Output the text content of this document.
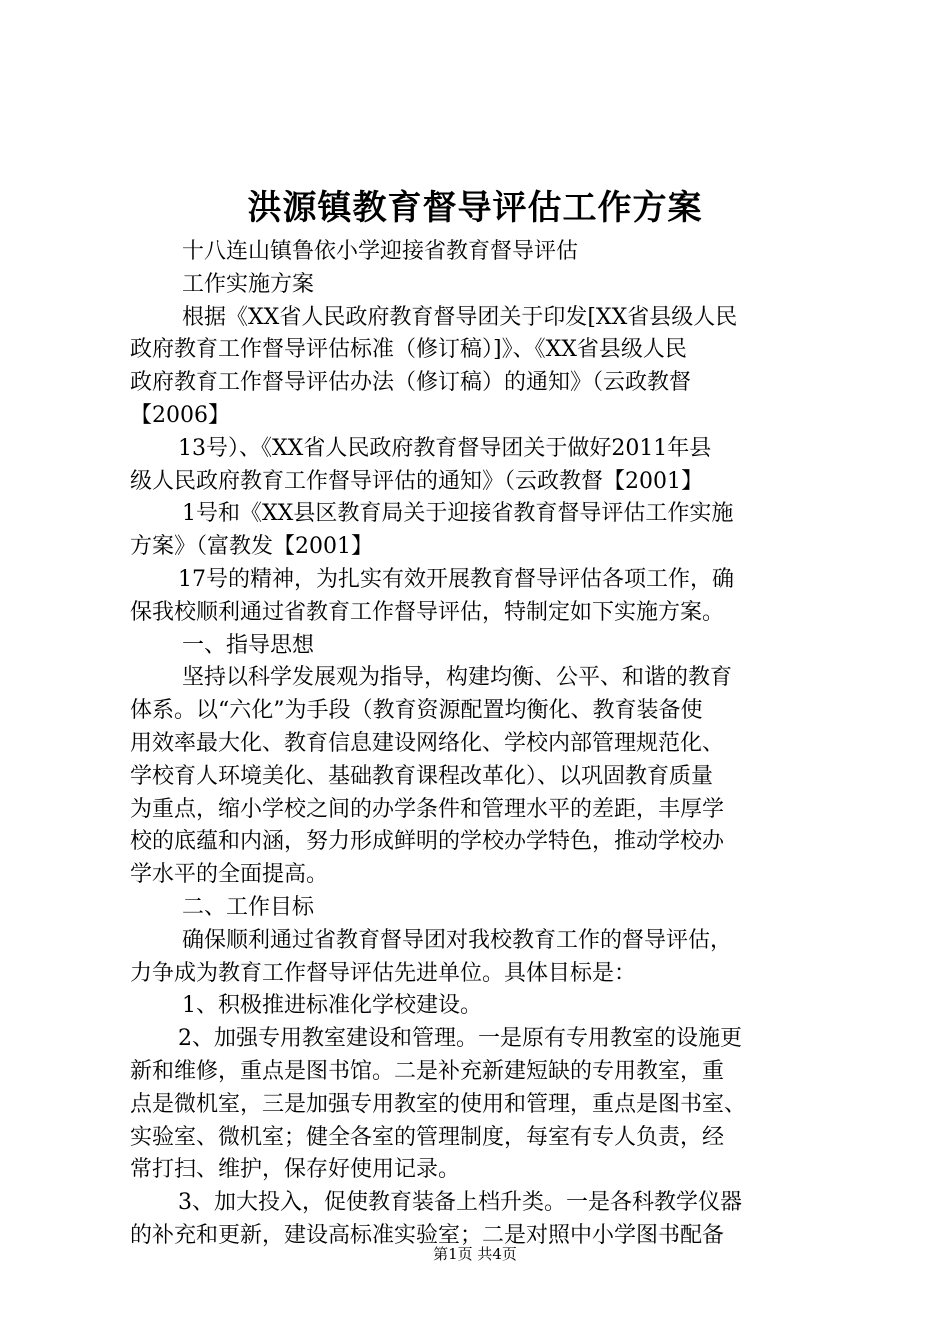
洪源镇教育督导评估工作方案
十八连山镇鲁依小学迎接省教育督导评估
工作实施方案
根据《XX省人民政府教育督导团关于印发[XX省县级人民
政府教育工作督导评估标准（修订稿）]》、《XX省县级人民
政府教育工作督导评估办法（修订稿）的通知》（云政教督
【2006】
13号）、《XX省人民政府教育督导团关于做好2011年县
级人民政府教育工作督导评估的通知》（云政教督【2001】
1号和《XX县区教育局关于迎接省教育督导评估工作实施
方案》（富教发【2001】
17号的精神，为扎实有效开展教育督导评估各项工作，确
保我校顺利通过省教育工作督导评估，特制定如下实施方案。
一、指导思想
坚持以科学发展观为指导，构建均衡、公平、和谐的教育
体系。以“六化”为手段（教育资源配置均衡化、教育装备使
用效率最大化、教育信息建设网络化、学校内部管理规范化、
学校育人环境美化、基础教育课程改革化）、以巩固教育质量
为重点，缩小学校之间的办学条件和管理水平的差距，丰厚学
校的底蕴和内涵，努力形成鲜明的学校办学特色，推动学校办
学水平的全面提高。
二、工作目标
确保顺利通过省教育督导团对我校教育工作的督导评估，
力争成为教育工作督导评估先进单位。具体目标是：
1、积极推进标准化学校建设。
2、加强专用教室建设和管理。一是原有专用教室的设施更
新和维修，重点是图书馆。二是补充新建短缺的专用教室，重
点是微机室，三是加强专用教室的使用和管理，重点是图书室、
实验室、微机室；健全各室的管理制度，每室有专人负责，经
常打扫、维护，保存好使用记录。
3、加大投入，促使教育装备上档升类。一是各科教学仪器
的补充和更新，建设高标准实验室；二是对照中小学图书配备
第1页 共4页
